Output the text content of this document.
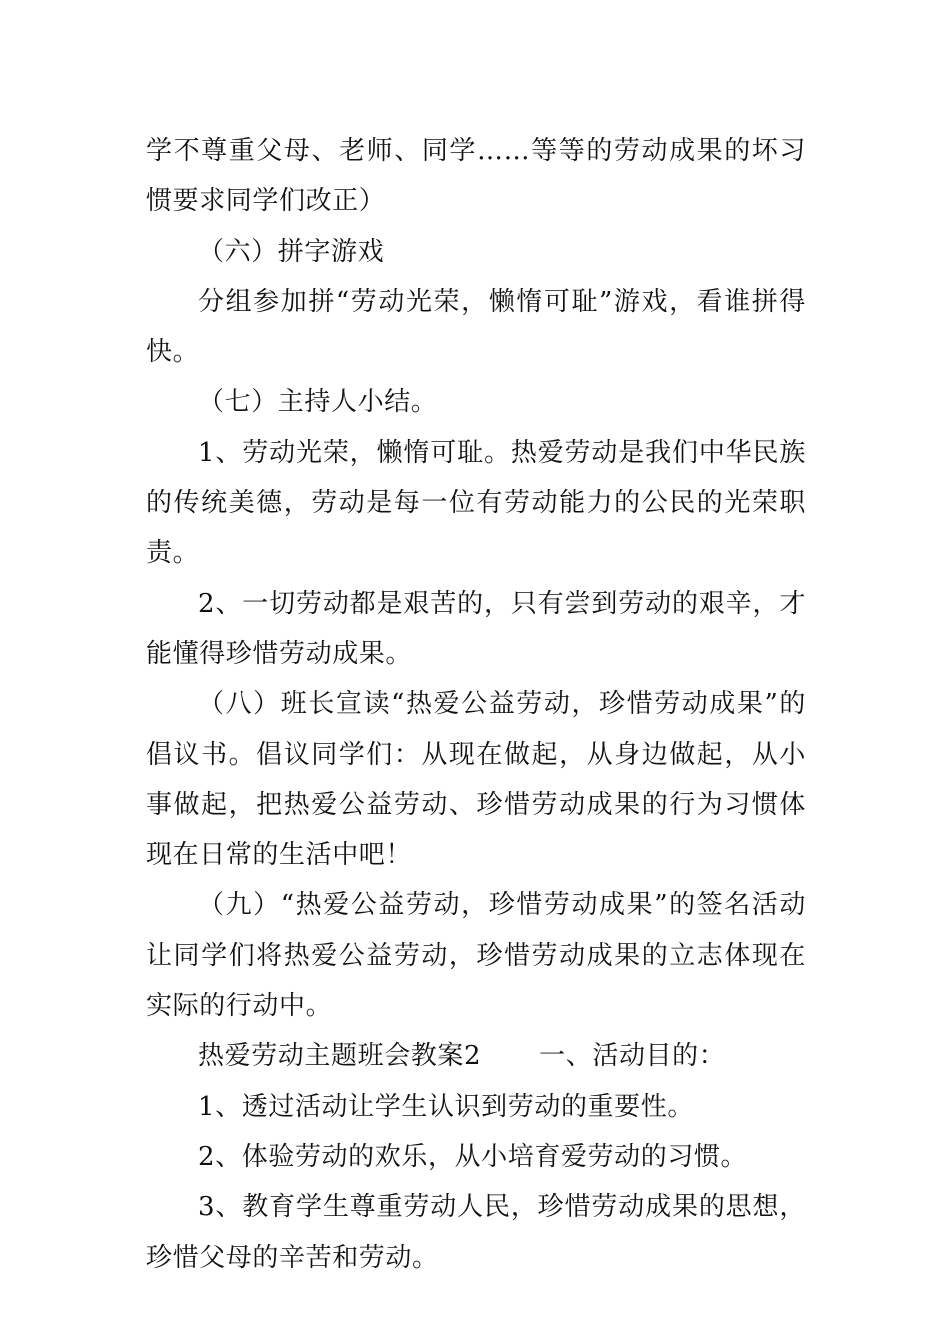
学不尊重父母、老师、同学……等等的劳动成果的坏习惯要求同学们改正）

（六）拼字游戏

分组参加拼“劳动光荣，懒惰可耻”游戏，看谁拼得快。

（七）主持人小结。

1、劳动光荣，懒惰可耻。热爱劳动是我们中华民族的传统美德，劳动是每一位有劳动能力的公民的光荣职责。

2、一切劳动都是艰苦的，只有尝到劳动的艰辛，才能懂得珍惜劳动成果。

（八）班长宣读“热爱公益劳动，珍惜劳动成果”的倡议书。倡议同学们：从现在做起，从身边做起，从小事做起，把热爱公益劳动、珍惜劳动成果的行为习惯体现在日常的生活中吧！

（九）“热爱公益劳动，珍惜劳动成果”的签名活动让同学们将热爱公益劳动，珍惜劳动成果的立志体现在实际的行动中。

热爱劳动主题班会教案2 一、活动目的：

1、透过活动让学生认识到劳动的重要性。

2、体验劳动的欢乐，从小培育爱劳动的习惯。

3、教育学生尊重劳动人民，珍惜劳动成果的思想，珍惜父母的辛苦和劳动。
